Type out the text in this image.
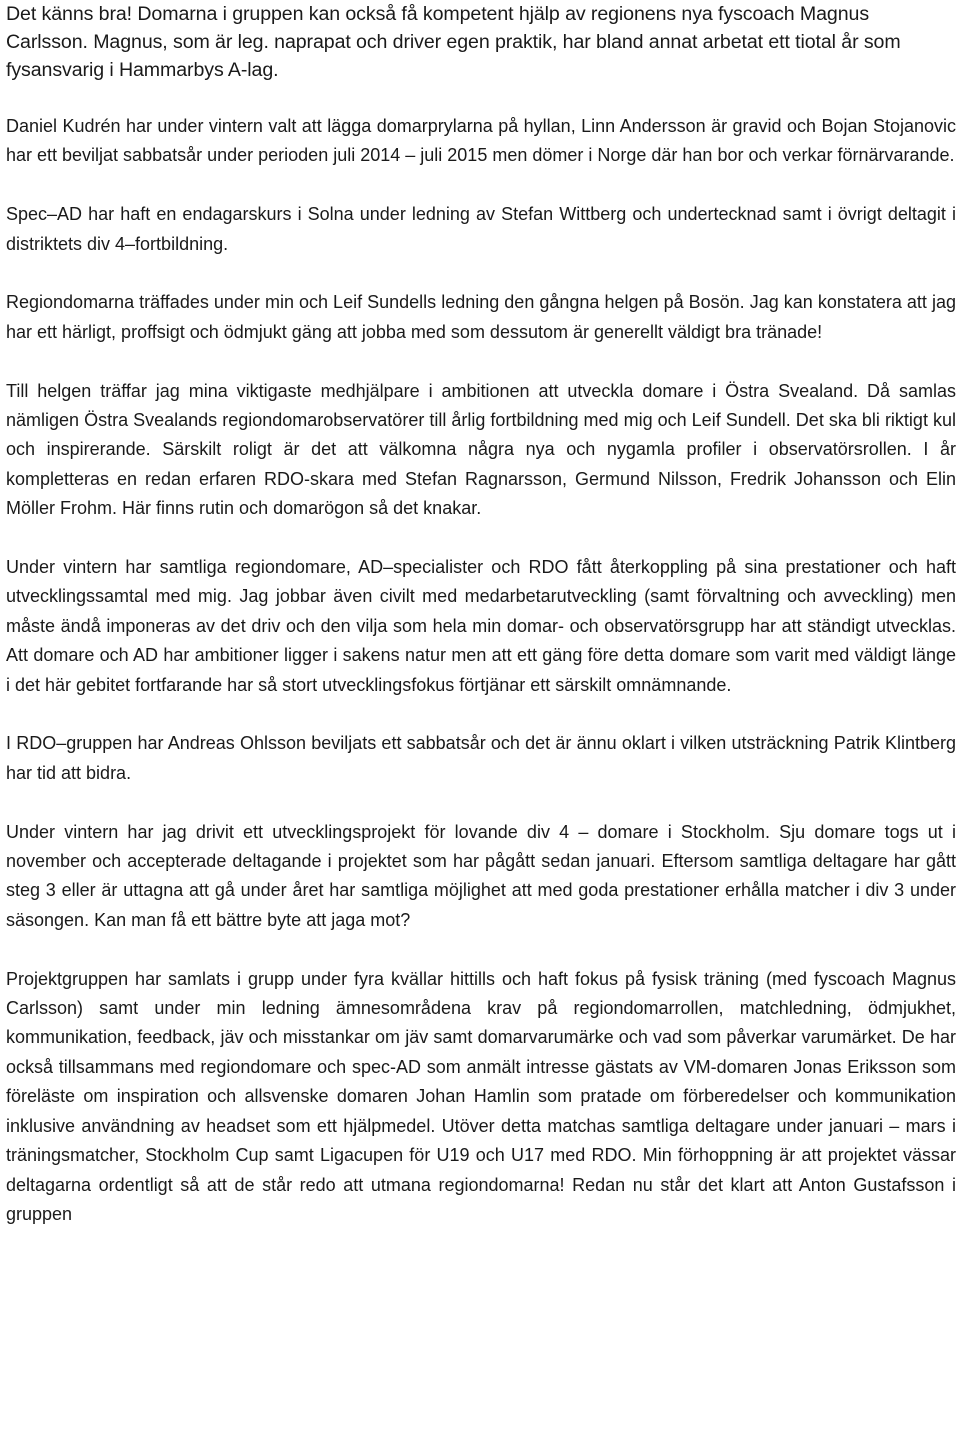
Det känns bra! Domarna i gruppen kan också få kompetent hjälp av regionens nya fyscoach Magnus Carlsson. Magnus, som är leg. naprapat och driver egen praktik, har bland annat arbetat ett tiotal år som fysansvarig i Hammarbys A-lag.

Daniel Kudrén har under vintern valt att lägga domarprylarna på hyllan, Linn Andersson är gravid och Bojan Stojanovic har ett beviljat sabbatsår under perioden juli 2014 – juli 2015 men dömer i Norge där han bor och verkar förnärvarande.

Spec–AD har haft en endagarskurs i Solna under ledning av Stefan Wittberg och undertecknad samt i övrigt deltagit i distriktets div 4–fortbildning.

Regiondomarna träffades under min och Leif Sundells ledning den gångna helgen på Bosön. Jag kan konstatera att jag har ett härligt, proffsigt och ödmjukt gäng att jobba med som dessutom är generellt väldigt bra tränade!

Till helgen träffar jag mina viktigaste medhjälpare i ambitionen att utveckla domare i Östra Svealand. Då samlas nämligen Östra Svealands regiondomarobservatörer till årlig fortbildning med mig och Leif Sundell. Det ska bli riktigt kul och inspirerande. Särskilt roligt är det att välkomna några nya och nygamla profiler i observatörsrollen. I år kompletteras en redan erfaren RDO-skara med Stefan Ragnarsson, Germund Nilsson, Fredrik Johansson och Elin Möller Frohm. Här finns rutin och domarögon så det knakar.

Under vintern har samtliga regiondomare, AD–specialister och RDO fått återkoppling på sina prestationer och haft utvecklingssamtal med mig. Jag jobbar även civilt med medarbetarutveckling (samt förvaltning och avveckling) men måste ändå imponeras av det driv och den vilja som hela min domar- och observatörsgrupp har att ständigt utvecklas. Att domare och AD har ambitioner ligger i sakens natur men att ett gäng före detta domare som varit med väldigt länge i det här gebitet fortfarande har så stort utvecklingsfokus förtjänar ett särskilt omnämnande.

I RDO–gruppen har Andreas Ohlsson beviljats ett sabbatsår och det är ännu oklart i vilken utsträckning Patrik Klintberg har tid att bidra.

Under vintern har jag drivit ett utvecklingsprojekt för lovande div 4 – domare i Stockholm. Sju domare togs ut i november och accepterade deltagande i projektet som har pågått sedan januari. Eftersom samtliga deltagare har gått steg 3 eller är uttagna att gå under året har samtliga möjlighet att med goda prestationer erhålla matcher i div 3 under säsongen. Kan man få ett bättre byte att jaga mot?

Projektgruppen har samlats i grupp under fyra kvällar hittills och haft fokus på fysisk träning (med fyscoach Magnus Carlsson) samt under min ledning ämnesområdena krav på regiondomarrollen, matchledning, ödmjukhet, kommunikation, feedback, jäv och misstankar om jäv samt domarvarumärke och vad som påverkar varumärket. De har också tillsammans med regiondomare och spec-AD som anmält intresse gästats av VM-domaren Jonas Eriksson som föreläste om inspiration och allsvenske domaren Johan Hamlin som pratade om förberedelser och kommunikation inklusive användning av headset som ett hjälpmedel. Utöver detta matchas samtliga deltagare under januari – mars i träningsmatcher, Stockholm Cup samt Ligacupen för U19 och U17 med RDO. Min förhoppning är att projektet vässar deltagarna ordentligt så att de står redo att utmana regiondomarna! Redan nu står det klart att Anton Gustafsson i gruppen
